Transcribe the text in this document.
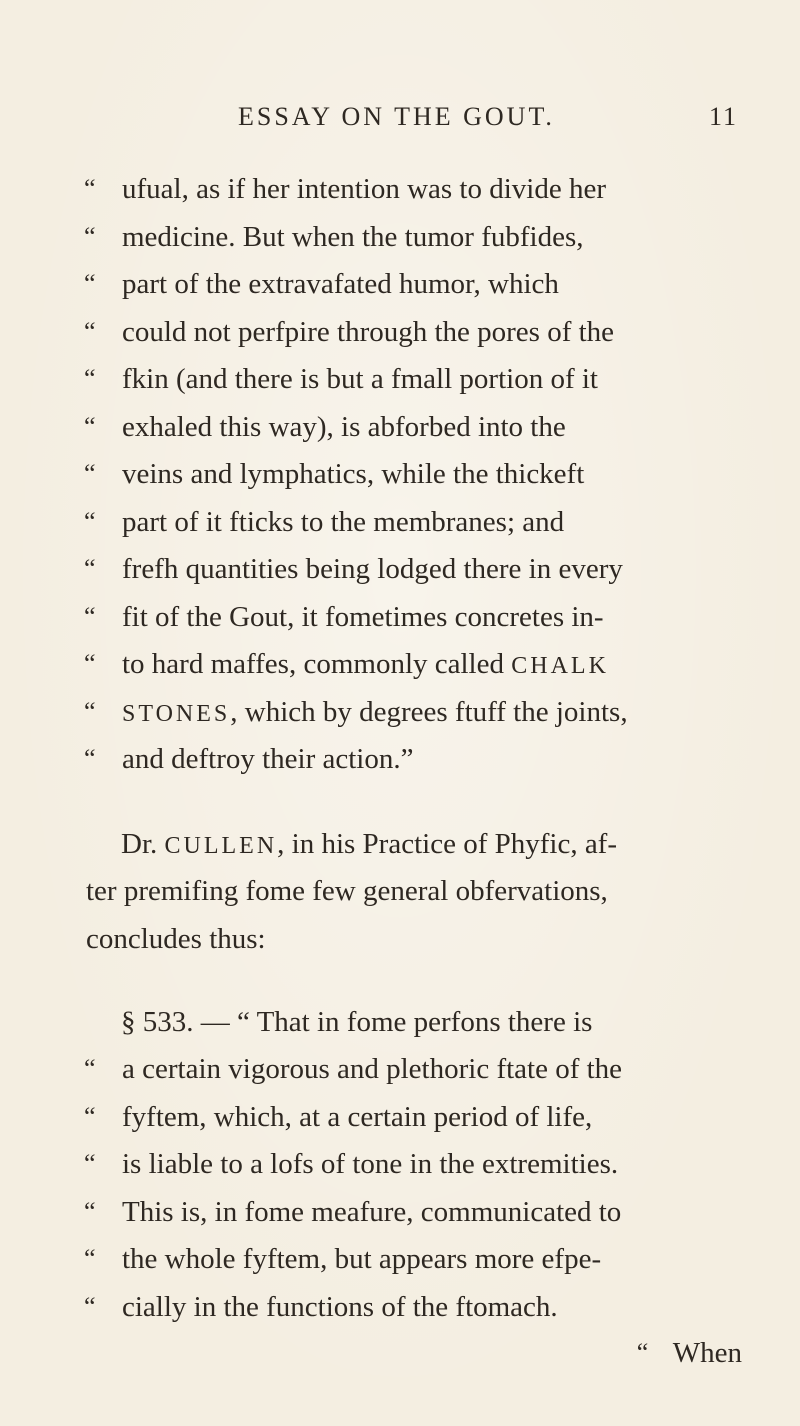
ESSAY ON THE GOUT.	11
“ ufual, as if her intention was to divide her
“ medicine. But when the tumor fubfides,
“ part of the extravafated humor, which
“ could not perfpire through the pores of the
“ fkin (and there is but a fmall portion of it
“ exhaled this way), is abforbed into the
“ veins and lymphatics, while the thickeft
“ part of it fticks to the membranes; and
“ frefh quantities being lodged there in every
“ fit of the Gout, it fometimes concretes in-
“ to hard maffes, commonly called CHALK
“ STONES, which by degrees ftuff the joints,
“ and deftroy their action.”
Dr. CULLEN, in his Practice of Phyfic, af-
ter premifing fome few general obfervations,
concludes thus:
§ 533. — “ That in fome perfons there is
“ a certain vigorous and plethoric ftate of the
“ fyftem, which, at a certain period of life,
“ is liable to a lofs of tone in the extremities.
“ This is, in fome meafure, communicated to
“ the whole fyftem, but appears more efpe-
“ cially in the functions of the ftomach.
“ When
